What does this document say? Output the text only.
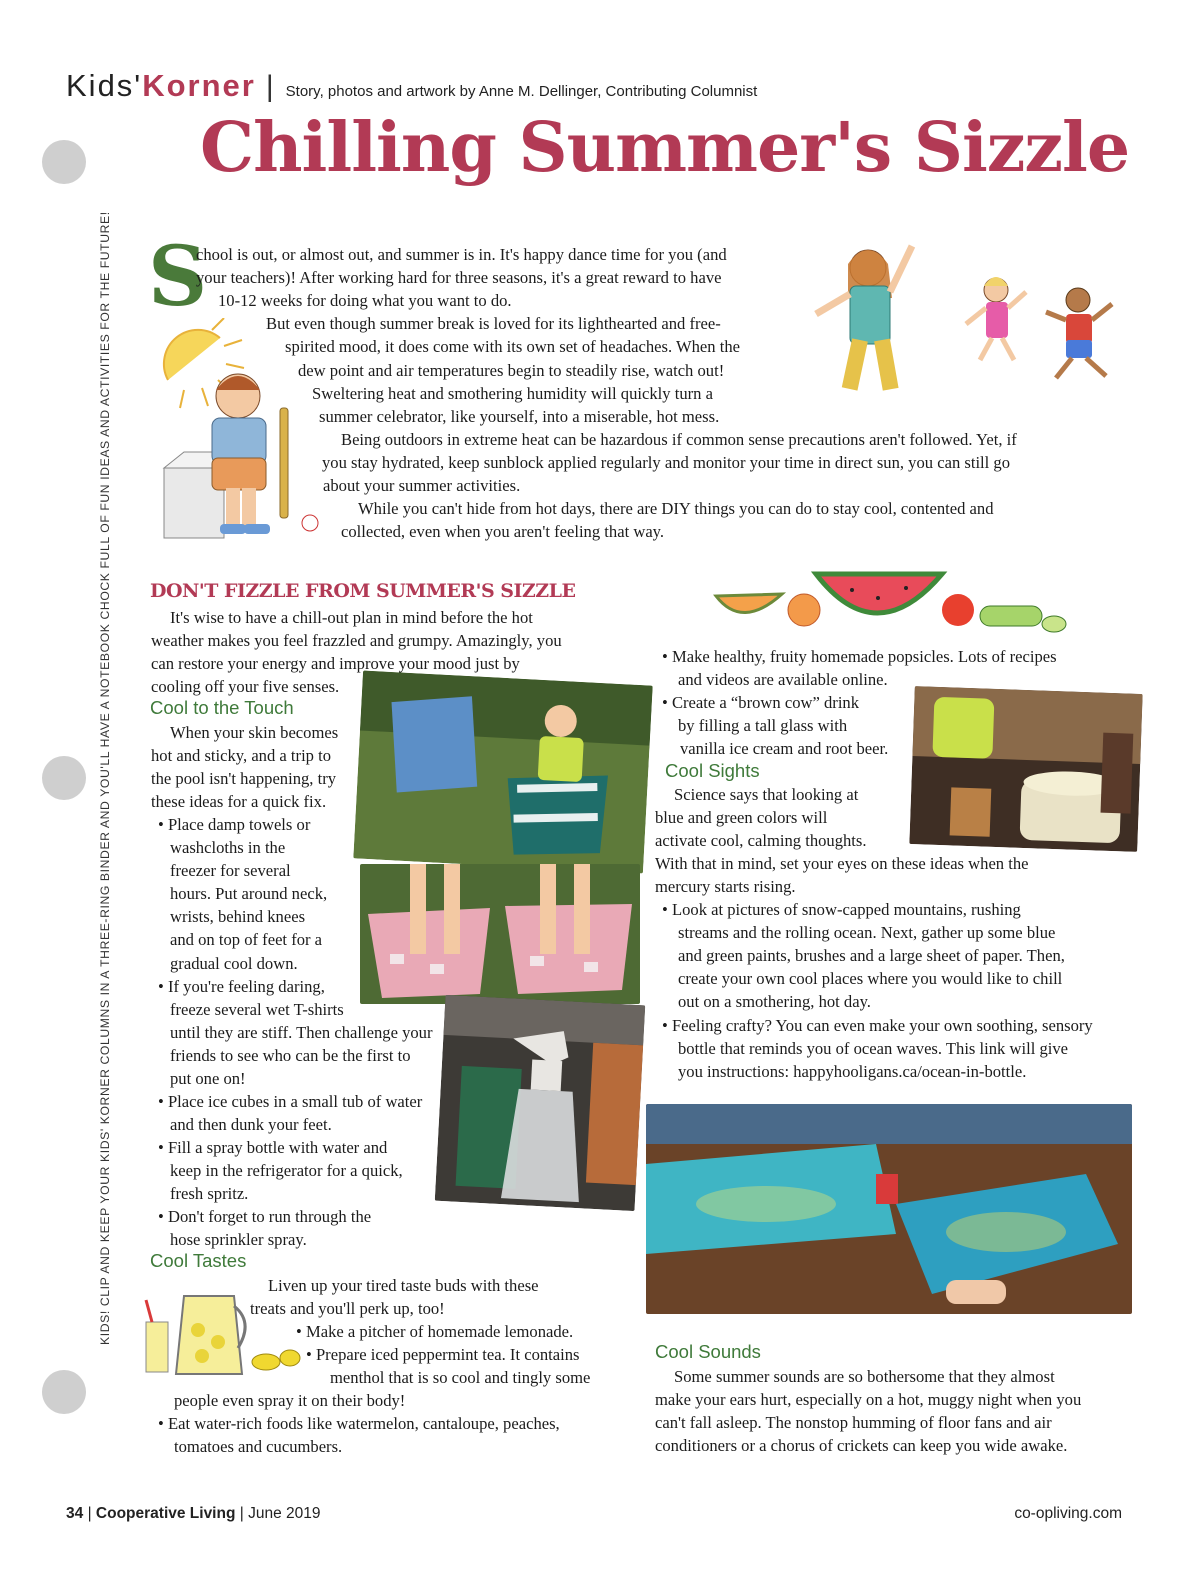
KIDS! CLIP AND KEEP YOUR KIDS' KORNER COLUMNS IN A THREE-RING BINDER AND YOU'LL HAVE A NOTEBOOK CHOCK FULL OF FUN IDEAS AND ACTIVITIES FOR THE FUTURE!
Kids' Korner | Story, photos and artwork by Anne M. Dellinger, Contributing Columnist
Chilling Summer's Sizzle
S
chool is out, or almost out, and summer is in. It's happy dance time for you (and
your teachers)! After working hard for three seasons, it's a great reward to have
10-12 weeks for doing what you want to do.
But even though summer break is loved for its lighthearted and free-
spirited mood, it does come with its own set of headaches. When the
dew point and air temperatures begin to steadily rise, watch out!
Sweltering heat and smothering humidity will quickly turn a
summer celebrator, like yourself, into a miserable, hot mess.
Being outdoors in extreme heat can be hazardous if common sense precautions aren't followed. Yet, if
you stay hydrated, keep sunblock applied regularly and monitor your time in direct sun, you can still go
about your summer activities.
While you can't hide from hot days, there are DIY things you can do to stay cool, contented and
collected, even when you aren't feeling that way.
DON'T FIZZLE FROM SUMMER'S SIZZLE
It's wise to have a chill-out plan in mind before the hot
weather makes you feel frazzled and grumpy. Amazingly, you
can restore your energy and improve your mood just by
cooling off your five senses.
Cool to the Touch
When your skin becomes
hot and sticky, and a trip to
the pool isn't happening, try
these ideas for a quick fix.
• Place damp towels or
washcloths in the
freezer for several
hours. Put around neck,
wrists, behind knees
and on top of feet for a
gradual cool down.
• If you're feeling daring,
freeze several wet T-shirts
until they are stiff. Then challenge your
friends to see who can be the first to
put one on!
• Place ice cubes in a small tub of water
and then dunk your feet.
• Fill a spray bottle with water and
keep in the refrigerator for a quick,
fresh spritz.
• Don't forget to run through the
hose sprinkler spray.
Cool Tastes
Liven up your tired taste buds with these
treats and you'll perk up, too!
• Make a pitcher of homemade lemonade.
• Prepare iced peppermint tea. It contains
menthol that is so cool and tingly some
people even spray it on their body!
• Eat water-rich foods like watermelon, cantaloupe, peaches,
tomatoes and cucumbers.
• Make healthy, fruity homemade popsicles. Lots of recipes
and videos are available online.
• Create a “brown cow” drink
by filling a tall glass with
vanilla ice cream and root beer.
Cool Sights
Science says that looking at
blue and green colors will
activate cool, calming thoughts.
With that in mind, set your eyes on these ideas when the
mercury starts rising.
• Look at pictures of snow-capped mountains, rushing
streams and the rolling ocean. Next, gather up some blue
and green paints, brushes and a large sheet of paper. Then,
create your own cool places where you would like to chill
out on a smothering, hot day.
• Feeling crafty? You can even make your own soothing, sensory
bottle that reminds you of ocean waves. This link will give
you instructions: happyhooligans.ca/ocean-in-bottle.
Cool Sounds
Some summer sounds are so bothersome that they almost
make your ears hurt, especially on a hot, muggy night when you
can't fall asleep. The nonstop humming of floor fans and air
conditioners or a chorus of crickets can keep you wide awake.
34 | Cooperative Living | June 2019	co-opliving.com
